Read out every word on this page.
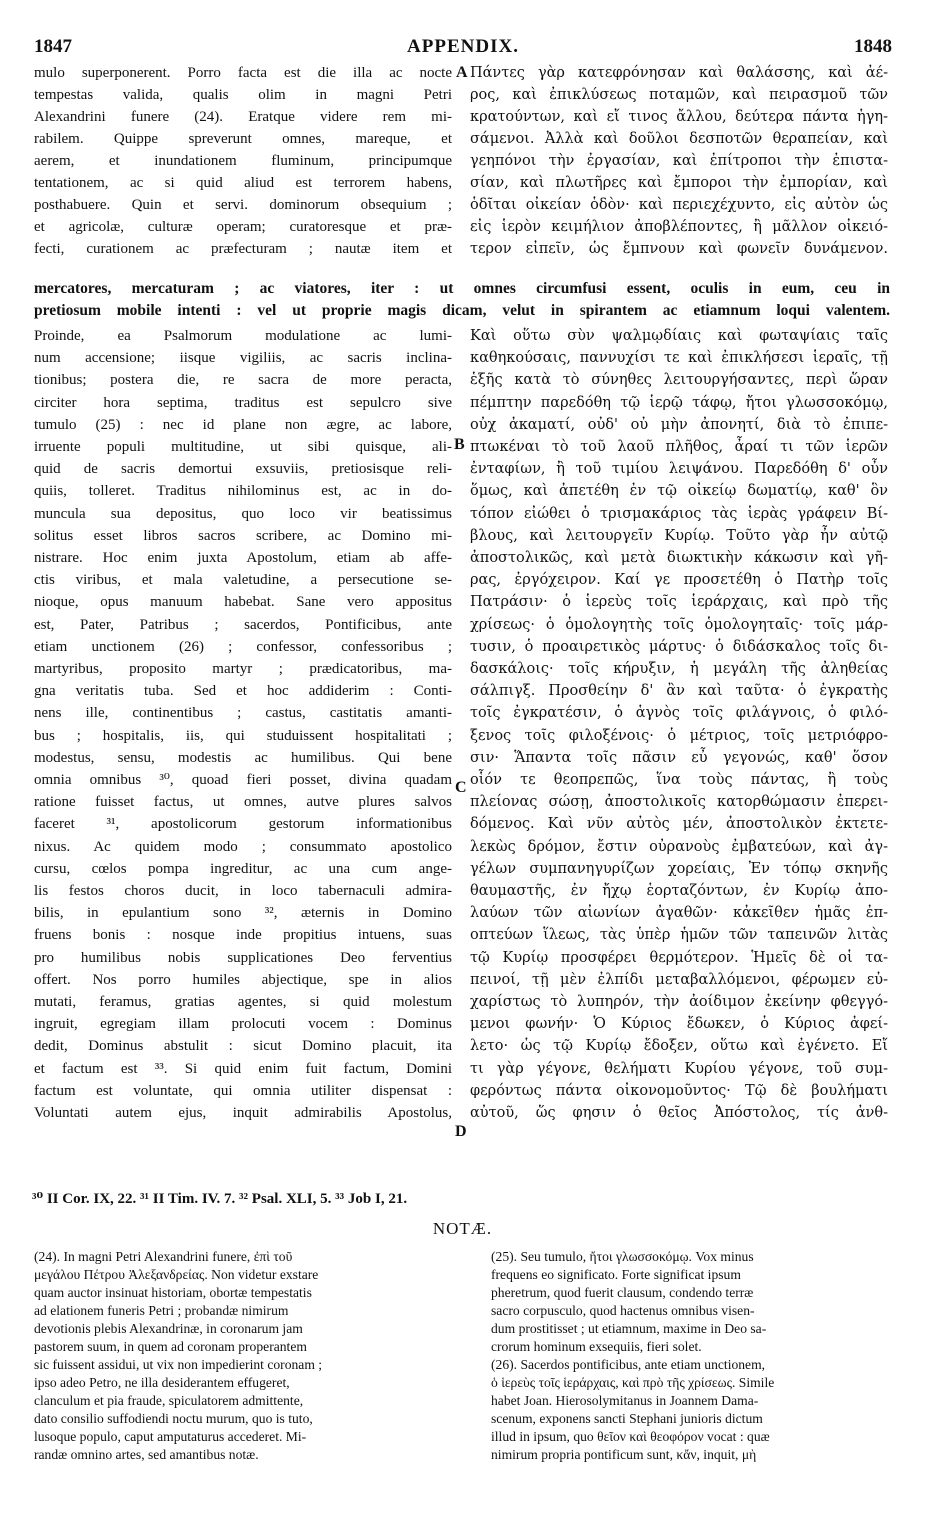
1847	APPENDIX.	1848
mulo superponerent. Porro facta est die illa ac nocte
tempestas valida, qualis olim in magni Petri
Alexandrini funere (24). Eratque videre rem mi-
rabilem. Quippe spreverunt omnes, mareque, et
aerem, et inundationem fluminum, principumque
tentationem, ac si quid aliud est terrorem habens,
posthabuere. Quin et servi. dominorum obsequium ;
et agricolæ, culturæ operam; curatoresque et præ-
fecti, curationem ac præfecturam ; nautæ item et
Πάντες γὰρ κατεφρόνησαν καὶ θαλάσσης, καὶ ἀέ-
ρος, καὶ ἐπικλύσεως ποταμῶν, καὶ πειρασμοῦ τῶν
κρατούντων, καὶ εἴ τινος ἄλλου, δεύτερα πάντα ἡγη-
σάμενοι. Ἀλλὰ καὶ δοῦλοι δεσποτῶν θεραπείαν, καὶ
γεηπόνοι τὴν ἐργασίαν, καὶ ἐπίτροποι τὴν ἐπιστα-
σίαν, καὶ πλωτῆρες καὶ ἔμποροι τὴν ἐμπορίαν, καὶ
ὁδῖται οἰκείαν ὁδὸν· καὶ περιεχέχυντο, εἰς αὐτὸν ὡς
εἰς ἱερὸν κειμήλιον ἀποβλέποντες, ἢ μᾶλλον οἰκειό-
τερον εἰπεῖν, ὡς ἔμπνουν καὶ φωνεῖν δυνάμενον.
A
mercatores, mercaturam ; ac viatores, iter : ut omnes circumfusi essent, oculis in eum, ceu in
pretiosum mobile intenti : vel ut proprie magis dicam, velut in spirantem ac etiamnum loqui valentem.
Proinde, ea Psalmorum modulatione ac lumi-
num accensione; iisque vigiliis, ac sacris inclina-
tionibus; postera die, re sacra de more peracta,
circiter hora septima, traditus est sepulcro sive
tumulo (25) : nec id plane non ægre, ac labore,
irruente populi multitudine, ut sibi quisque, ali-
quid de sacris demortui exsuviis, pretiosisque reli-
quiis, tolleret. Traditus nihilominus est, ac in do-
muncula sua depositus, quo loco vir beatissimus
solitus esset libros sacros scribere, ac Domino mi-
nistrare. Hoc enim juxta Apostolum, etiam ab affe-
ctis viribus, et mala valetudine, a persecutione se-
nioque, opus manuum habebat. Sane vero appositus
est, Pater, Patribus ; sacerdos, Pontificibus, ante
etiam unctionem (26) ; confessor, confessoribus ;
martyribus, proposito martyr ; prædicatoribus, ma-
gna veritatis tuba. Sed et hoc addiderim : Conti-
nens ille, continentibus ; castus, castitatis amanti-
bus ; hospitalis, iis, qui studuissent hospitalitati ;
modestus, sensu, modestis ac humilibus. Qui bene
omnia omnibus ³⁰, quoad fieri posset, divina quadam
ratione fuisset factus, ut omnes, autve plures salvos
faceret ³¹, apostolicorum gestorum informationibus
nixus. Ac quidem modo ; consummato apostolico
cursu, cœlos pompa ingreditur, ac una cum ange-
lis festos choros ducit, in loco tabernaculi admira-
bilis, in epulantium sono ³², æternis in Domino
fruens bonis : nosque inde propitius intuens, suas
pro humilibus nobis supplicationes Deo ferventius
offert. Nos porro humiles abjectique, spe in alios
mutati, feramus, gratias agentes, si quid molestum
ingruit, egregiam illam prolocuti vocem : Dominus
dedit, Dominus abstulit : sicut Domino placuit, ita
et factum est ³³. Si quid enim fuit factum, Domini
factum est voluntate, qui omnia utiliter dispensat :
Voluntati autem ejus, inquit admirabilis Apostolus,
Καὶ οὕτω σὺν ψαλμῳδίαις καὶ φωταψίαις ταῖς
καθηκούσαις, παννυχίσι τε καὶ ἐπικλήσεσι ἱεραῖς, τῇ
ἑξῆς κατὰ τὸ σύνηθες λειτουργήσαντες, περὶ ὥραν
πέμπτην παρεδόθη τῷ ἱερῷ τάφῳ, ἤτοι γλωσσοκόμῳ,
οὐχ ἀκαματί, οὐδ' οὐ μὴν ἀπονητί, διὰ τὸ ἐπιπε-
πτωκέναι τὸ τοῦ λαοῦ πλῆθος, ἆραί τι τῶν ἱερῶν
ἐνταφίων, ἢ τοῦ τιμίου λειψάνου. Παρεδόθη δ' οὖν
ὅμως, καὶ ἀπετέθη ἐν τῷ οἰκείῳ δωματίῳ, καθ' ὃν
τόπον εἰώθει ὁ τρισμακάριος τὰς ἱερὰς γράφειν Βί-
βλους, καὶ λειτουργεῖν Κυρίῳ. Τοῦτο γὰρ ἦν αὐτῷ
ἀποστολικῶς, καὶ μετὰ διωκτικὴν κάκωσιν καὶ γῆ-
ρας, ἐργόχειρον. Καί γε προσετέθη ὁ Πατὴρ τοῖς
Πατράσιν· ὁ ἱερεὺς τοῖς ἱεράρχαις, καὶ πρὸ τῆς
χρίσεως· ὁ ὁμολογητὴς τοῖς ὁμολογηταῖς· τοῖς μάρ-
τυσιν, ὁ προαιρετικὸς μάρτυς· ὁ διδάσκαλος τοῖς δι-
δασκάλοις· τοῖς κήρυξιν, ἡ μεγάλη τῆς ἀληθείας
σάλπιγξ. Προσθείην δ' ἂν καὶ ταῦτα· ὁ ἐγκρατὴς
τοῖς ἐγκρατέσιν, ὁ ἁγνὸς τοῖς φιλάγνοις, ὁ φιλό-
ξενος τοῖς φιλοξένοις· ὁ μέτριος, τοῖς μετριόφρο-
σιν· Ἅπαντα τοῖς πᾶσιν εὖ γεγονώς, καθ' ὅσον
οἷόν τε θεοπρεπῶς, ἵνα τοὺς πάντας, ἢ τοὺς
πλείονας σώσῃ, ἀποστολικοῖς κατορθώμασιν ἐπερει-
δόμενος. Καὶ νῦν αὐτὸς μέν, ἀποστολικὸν ἐκτετε-
λεκὼς δρόμον, ἔστιν οὐρανοὺς ἐμβατεύων, καὶ ἀγ-
γέλων συμπανηγυρίζων χορείαις, Ἐν τόπῳ σκηνῆς
θαυμαστῆς, ἐν ἤχῳ ἑορταζόντων, ἐν Κυρίῳ ἀπο-
λαύων τῶν αἰωνίων ἀγαθῶν· κἀκεῖθεν ἡμᾶς ἐπ-
οπτεύων ἵλεως, τὰς ὑπὲρ ἡμῶν τῶν ταπεινῶν λιτὰς
τῷ Κυρίῳ προσφέρει θερμότερον. Ἡμεῖς δὲ οἱ τα-
πεινοί, τῇ μὲν ἐλπίδι μεταβαλλόμενοι, φέρωμεν εὐ-
χαρίστως τὸ λυπηρόν, τὴν ἀοίδιμον ἐκείνην φθεγγό-
μενοι φωνήν· Ὁ Κύριος ἔδωκεν, ὁ Κύριος ἀφεί-
λετο· ὡς τῷ Κυρίῳ ἔδοξεν, οὕτω καὶ ἐγένετο. Εἴ
τι γὰρ γέγονε, θελήματι Κυρίου γέγονε, τοῦ συμ-
φερόντως πάντα οἰκονομοῦντος· Τῷ δὲ βουλήματι
αὐτοῦ, ὥς φησιν ὁ θεῖος Ἀπόστολος, τίς ἀνθ-
B
C
D
³⁰ II Cor. IX, 22. ³¹ II Tim. IV. 7. ³² Psal. XLI, 5. ³³ Job I, 21.
NOTÆ.
(24). In magni Petri Alexandrini funere, ἐπὶ τοῦ
μεγάλου Πέτρου Ἀλεξανδρείας. Non videtur exstare
quam auctor insinuat historiam, obortæ tempestatis
ad elationem funeris Petri ; probandæ nimirum
devotionis plebis Alexandrinæ, in coronarum jam
pastorem suum, in quem ad coronam properantem
sic fuissent assidui, ut vix non impedierint coronam ;
ipso adeo Petro, ne illa desiderantem effugeret,
clanculum et pia fraude, spiculatorem admittente,
dato consilio suffodiendi noctu murum, quo is tuto,
lusoque populo, caput amputaturus accederet. Mi-
randæ omnino artes, sed amantibus notæ.
(25). Seu tumulo, ἤτοι γλωσσοκόμῳ. Vox minus
frequens eo significato. Forte significat ipsum
pheretrum, quod fuerit clausum, condendo terræ
sacro corpusculo, quod hactenus omnibus visen-
dum prostitisset ; ut etiamnum, maxime in Deo sa-
crorum hominum exsequiis, fieri solet.
(26). Sacerdos pontificibus, ante etiam unctionem,
ὁ ἱερεὺς τοῖς ἱεράρχαις, καὶ πρὸ τῆς χρίσεως. Simile
habet Joan. Hierosolymitanus in Joannem Dama-
scenum, exponens sancti Stephani junioris dictum
illud in ipsum, quo θεῖον καὶ θεοφόρον vocat : quæ
nimirum propria pontificum sunt, κἄν, inquit, μὴ
